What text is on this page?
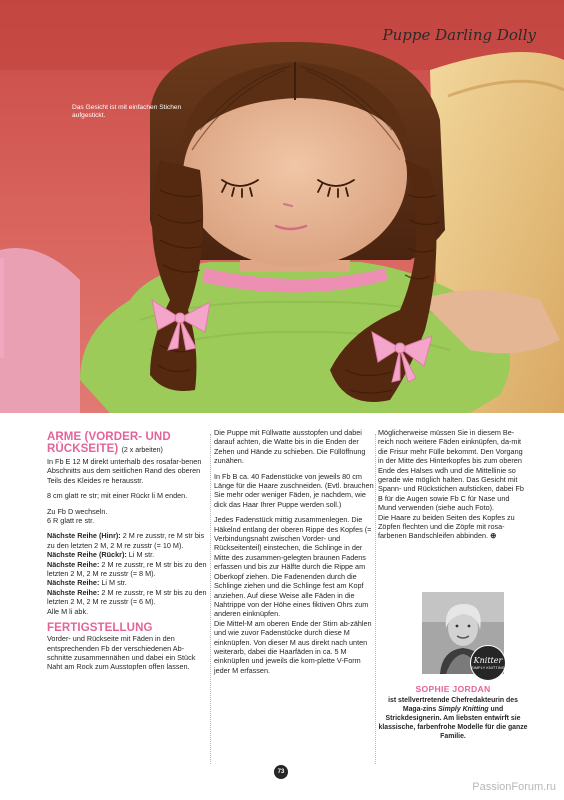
Puppe Darling Dolly
Das Gesicht ist mit einfachen Stichen aufgestickt.
ARME (VORDER- UND RÜCKSEITE) (2 x arbeiten)

In Fb E 12 M direkt unterhalb des rosafar-benen Abschnitts aus dem seitlichen Rand des oberen Teils des Kleides re herausstr.

8 cm glatt re str; mit einer Rückr li M enden.

Zu Fb D wechseln.

6 R glatt re str.

Nächste Reihe (Hinr): 2 M re zusstr, re M str bis zu den letzten 2 M, 2 M re zusstr (= 10 M).

Nächste Reihe (Rückr): Li M str.

Nächste Reihe: 2 M re zusstr, re M str bis zu den letzten 2 M, 2 M re zusstr (= 8 M).

Nächste Reihe: Li M str.

Nächste Reihe: 2 M re zusstr, re M str bis zu den letzten 2 M, 2 M re zusstr (= 6 M).

Alle M li abk.

FERTIGSTELLUNG

Vorder- und Rückseite mit Fäden in den entsprechenden Fb der verschiedenen Ab-schnitte zusammennähen und dabei ein Stück Naht am Rock zum Ausstopfen offen lassen.

Die Puppe mit Füllwatte ausstopfen und dabei darauf achten, die Watte bis in die Enden der Zehen und Hände zu schieben. Die Füllöffnung zunähen.

In Fb B ca. 40 Fadenstücke von jeweils 80 cm Länge für die Haare zuschneiden. (Evtl. brauchen Sie mehr oder weniger Fäden, je nachdem, wie dick das Haar Ihrer Puppe werden soll.)

Jedes Fadenstück mittig zusammenlegen. Die Häkelnd entlang der oberen Rippe des Kopfes (= Verbindungsnaht zwischen Vorder- und Rückseitenteil) einstechen, die Schlinge in der Mitte des zusammen-gelegten braunen Fadens erfassen und bis zur Hälfte durch die Rippe am Oberkopf ziehen. Die Fadenenden durch die Schlinge ziehen und die Schlinge fest am Kopf anziehen. Auf diese Weise alle Fäden in die Nahtrippe von der Höhe eines fiktiven Ohrs zum anderen einknüpfen.

Die Mittel-M am oberen Ende der Stirn ab-zählen und wie zuvor Fadenstücke durch diese M einknüpfen. Von dieser M aus direkt nach unten weiterarb, dabei die Haarfäden in ca. 5 M einknüpfen und jeweils die kom-plette V-Form jeder M erfassen.

Möglicherweise müssen Sie in diesem Be-reich noch weitere Fäden einknüpfen, da-mit die Frisur mehr Fülle bekommt. Den Vorgang in der Mitte des Hinterkopfes bis zum oberen Ende des Halses wdh und die Mittellinie so gerade wie möglich halten. Das Gesicht mit Spann- und Rückstichen aufsticken, dabei Fb B für die Augen sowie Fb C für Nase und Mund verwenden (siehe auch Foto).

Die Haare zu beiden Seiten des Kopfes zu Zöpfen flechten und die Zöpfe mit rosa-farbenen Bandschleifen abbinden. ⊕

Knitter
SIMPLY KNITTING
SOPHIE JORDAN
ist stellvertretende Chefredakteurin des Maga-zins Simply Knitting und Strickdesignerin. Am liebsten entwirft sie klassische, farbenfrohe Modelle für die ganze Familie.
73
PassionForum.ru
